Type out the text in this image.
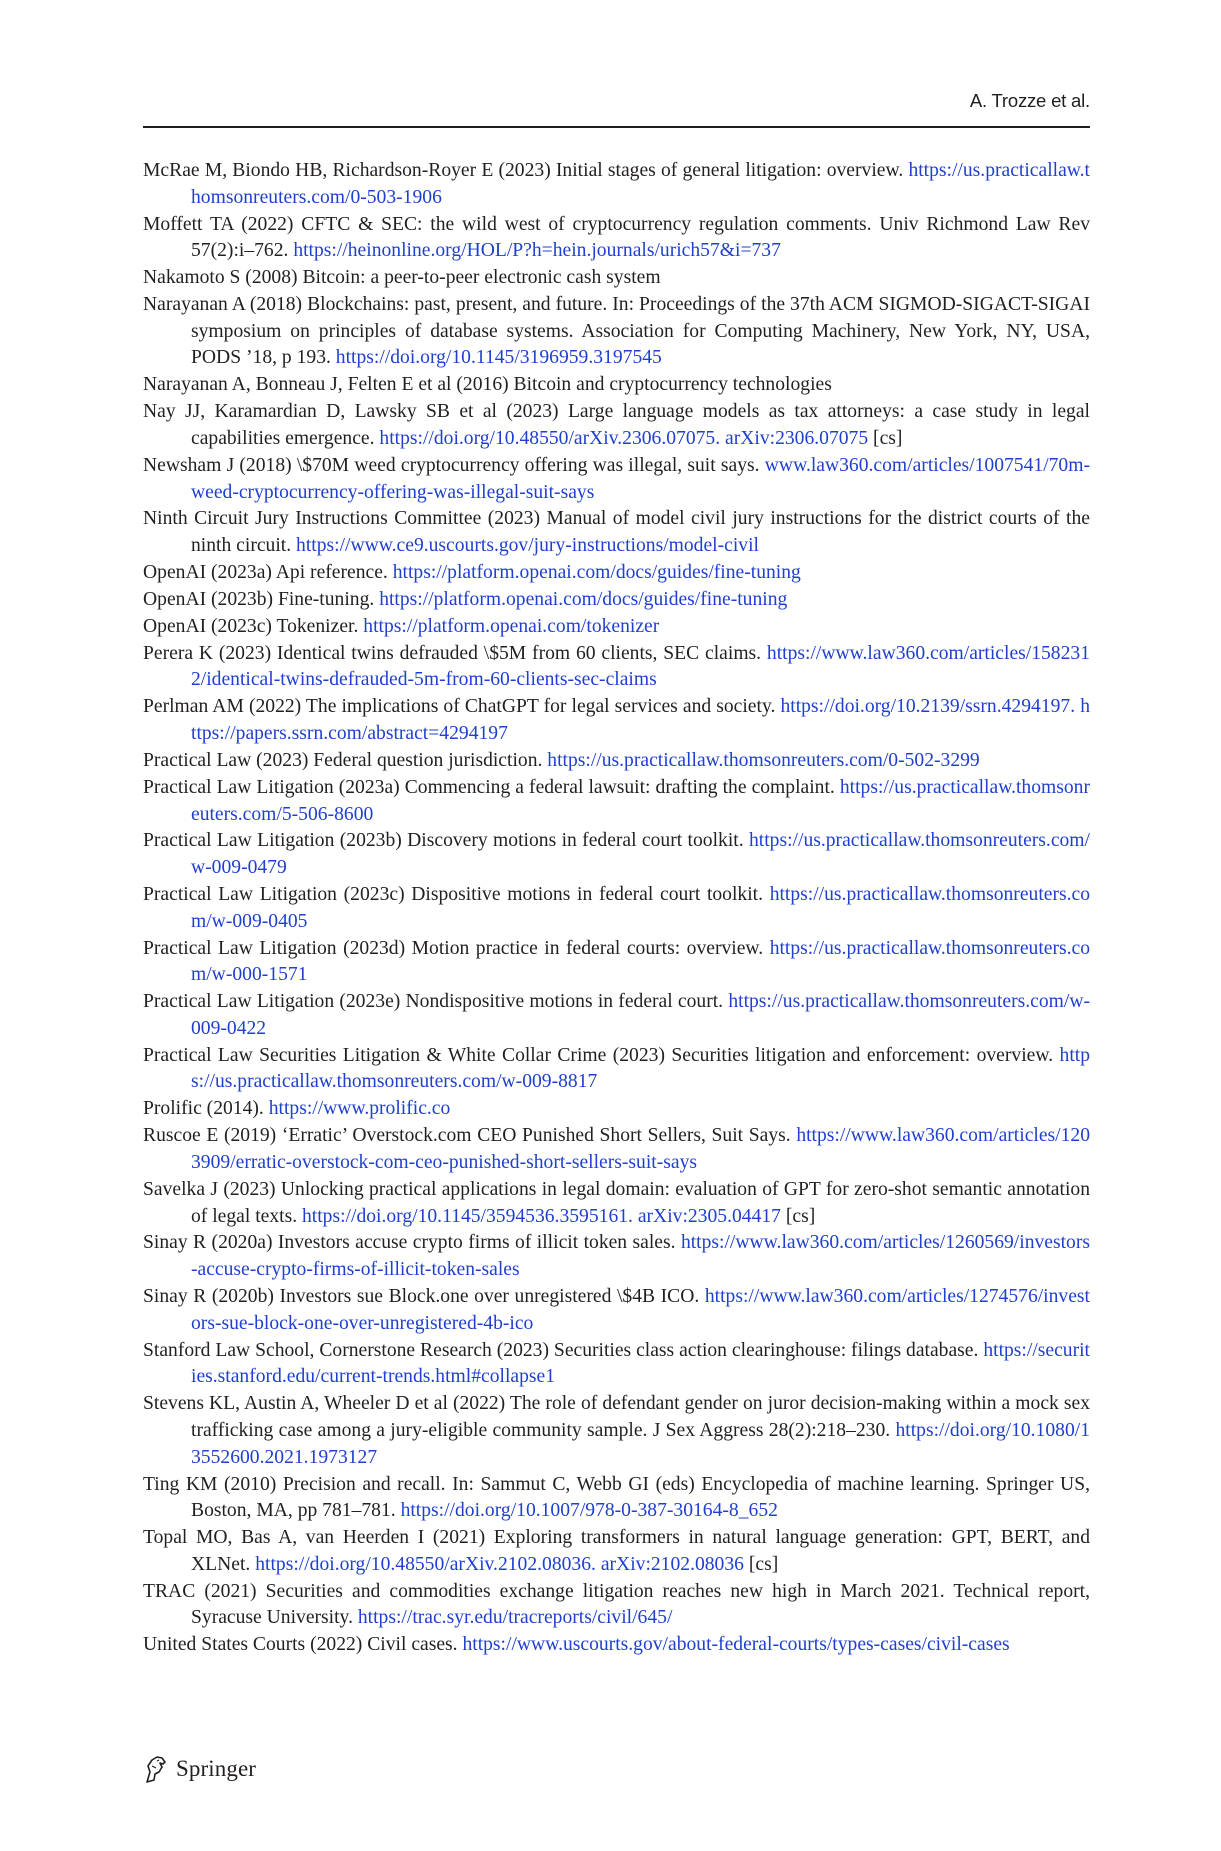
A. Trozze et al.
McRae M, Biondo HB, Richardson-Royer E (2023) Initial stages of general litigation: overview. https://us.practicallaw.thomsonreuters.com/0-503-1906
Moffett TA (2022) CFTC & SEC: the wild west of cryptocurrency regulation comments. Univ Richmond Law Rev 57(2):i–762. https://heinonline.org/HOL/P?h=hein.journals/urich57&i=737
Nakamoto S (2008) Bitcoin: a peer-to-peer electronic cash system
Narayanan A (2018) Blockchains: past, present, and future. In: Proceedings of the 37th ACM SIGMOD-SIGACT-SIGAI symposium on principles of database systems. Association for Computing Machinery, New York, NY, USA, PODS ’18, p 193. https://doi.org/10.1145/3196959.3197545
Narayanan A, Bonneau J, Felten E et al (2016) Bitcoin and cryptocurrency technologies
Nay JJ, Karamardian D, Lawsky SB et al (2023) Large language models as tax attorneys: a case study in legal capabilities emergence. https://doi.org/10.48550/arXiv.2306.07075. arXiv:2306.07075 [cs]
Newsham J (2018) \$70M weed cryptocurrency offering was illegal, suit says. www.law360.com/articles/1007541/70m-weed-cryptocurrency-offering-was-illegal-suit-says
Ninth Circuit Jury Instructions Committee (2023) Manual of model civil jury instructions for the district courts of the ninth circuit. https://www.ce9.uscourts.gov/jury-instructions/model-civil
OpenAI (2023a) Api reference. https://platform.openai.com/docs/guides/fine-tuning
OpenAI (2023b) Fine-tuning. https://platform.openai.com/docs/guides/fine-tuning
OpenAI (2023c) Tokenizer. https://platform.openai.com/tokenizer
Perera K (2023) Identical twins defrauded \$5M from 60 clients, SEC claims. https://www.law360.com/articles/1582312/identical-twins-defrauded-5m-from-60-clients-sec-claims
Perlman AM (2022) The implications of ChatGPT for legal services and society. https://doi.org/10.2139/ssrn.4294197. https://papers.ssrn.com/abstract=4294197
Practical Law (2023) Federal question jurisdiction. https://us.practicallaw.thomsonreuters.com/0-502-3299
Practical Law Litigation (2023a) Commencing a federal lawsuit: drafting the complaint. https://us.practicallaw.thomsonreuters.com/5-506-8600
Practical Law Litigation (2023b) Discovery motions in federal court toolkit. https://us.practicallaw.thomsonreuters.com/w-009-0479
Practical Law Litigation (2023c) Dispositive motions in federal court toolkit. https://us.practicallaw.thomsonreuters.com/w-009-0405
Practical Law Litigation (2023d) Motion practice in federal courts: overview. https://us.practicallaw.thomsonreuters.com/w-000-1571
Practical Law Litigation (2023e) Nondispositive motions in federal court. https://us.practicallaw.thomsonreuters.com/w-009-0422
Practical Law Securities Litigation & White Collar Crime (2023) Securities litigation and enforcement: overview. https://us.practicallaw.thomsonreuters.com/w-009-8817
Prolific (2014). https://www.prolific.co
Ruscoe E (2019) ‘Erratic’ Overstock.com CEO Punished Short Sellers, Suit Says. https://www.law360.com/articles/1203909/erratic-overstock-com-ceo-punished-short-sellers-suit-says
Savelka J (2023) Unlocking practical applications in legal domain: evaluation of GPT for zero-shot semantic annotation of legal texts. https://doi.org/10.1145/3594536.3595161. arXiv:2305.04417 [cs]
Sinay R (2020a) Investors accuse crypto firms of illicit token sales. https://www.law360.com/articles/1260569/investors-accuse-crypto-firms-of-illicit-token-sales
Sinay R (2020b) Investors sue Block.one over unregistered \$4B ICO. https://www.law360.com/articles/1274576/investors-sue-block-one-over-unregistered-4b-ico
Stanford Law School, Cornerstone Research (2023) Securities class action clearinghouse: filings database. https://securities.stanford.edu/current-trends.html#collapse1
Stevens KL, Austin A, Wheeler D et al (2022) The role of defendant gender on juror decision-making within a mock sex trafficking case among a jury-eligible community sample. J Sex Aggress 28(2):218–230. https://doi.org/10.1080/13552600.2021.1973127
Ting KM (2010) Precision and recall. In: Sammut C, Webb GI (eds) Encyclopedia of machine learning. Springer US, Boston, MA, pp 781–781. https://doi.org/10.1007/978-0-387-30164-8_652
Topal MO, Bas A, van Heerden I (2021) Exploring transformers in natural language generation: GPT, BERT, and XLNet. https://doi.org/10.48550/arXiv.2102.08036. arXiv:2102.08036 [cs]
TRAC (2021) Securities and commodities exchange litigation reaches new high in March 2021. Technical report, Syracuse University. https://trac.syr.edu/tracreports/civil/645/
United States Courts (2022) Civil cases. https://www.uscourts.gov/about-federal-courts/types-cases/civil-cases
Springer
